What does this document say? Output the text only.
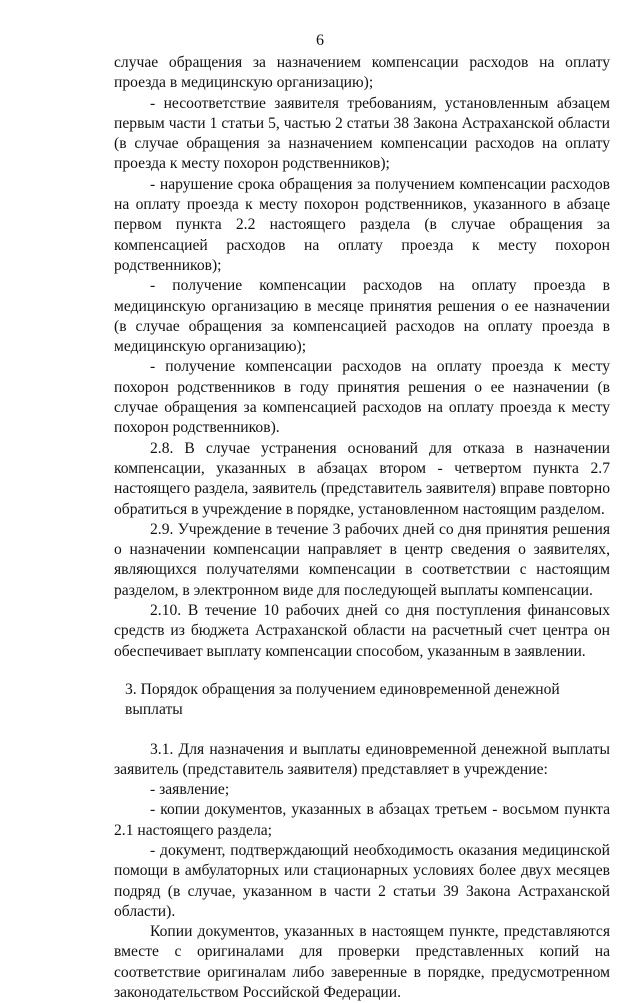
6

случае обращения за назначением компенсации расходов на оплату проезда в медицинскую организацию);

- несоответствие заявителя требованиям, установленным абзацем первым части 1 статьи 5, частью 2 статьи 38 Закона Астраханской области (в случае обращения за назначением компенсации расходов на оплату проезда к месту похорон родственников);

- нарушение срока обращения за получением компенсации расходов на оплату проезда к месту похорон родственников, указанного в абзаце первом пункта 2.2 настоящего раздела (в случае обращения за компенсацией расходов на оплату проезда к месту похорон родственников);

- получение компенсации расходов на оплату проезда в медицинскую организацию в месяце принятия решения о ее назначении (в случае обращения за компенсацией расходов на оплату проезда в медицинскую организацию);

- получение компенсации расходов на оплату проезда к месту похорон родственников в году принятия решения о ее назначении (в случае обращения за компенсацией расходов на оплату проезда к месту похорон родственников).

2.8. В случае устранения оснований для отказа в назначении компенсации, указанных в абзацах втором - четвертом пункта 2.7 настоящего раздела, заявитель (представитель заявителя) вправе повторно обратиться в учреждение в порядке, установленном настоящим разделом.

2.9. Учреждение в течение 3 рабочих дней со дня принятия решения о назначении компенсации направляет в центр сведения о заявителях, являющихся получателями компенсации в соответствии с настоящим разделом, в электронном виде для последующей выплаты компенсации.

2.10. В течение 10 рабочих дней со дня поступления финансовых средств из бюджета Астраханской области на расчетный счет центра он обеспечивает выплату компенсации способом, указанным в заявлении.

3. Порядок обращения за получением единовременной денежной выплаты

3.1. Для назначения и выплаты единовременной денежной выплаты заявитель (представитель заявителя) представляет в учреждение:

- заявление;

- копии документов, указанных в абзацах третьем - восьмом пункта 2.1 настоящего раздела;

- документ, подтверждающий необходимость оказания медицинской помощи в амбулаторных или стационарных условиях более двух месяцев подряд (в случае, указанном в части 2 статьи 39 Закона Астраханской области).

Копии документов, указанных в настоящем пункте, представляются вместе с оригиналами для проверки представленных копий на соответствие оригиналам либо заверенные в порядке, предусмотренном законодательством Российской Федерации.
